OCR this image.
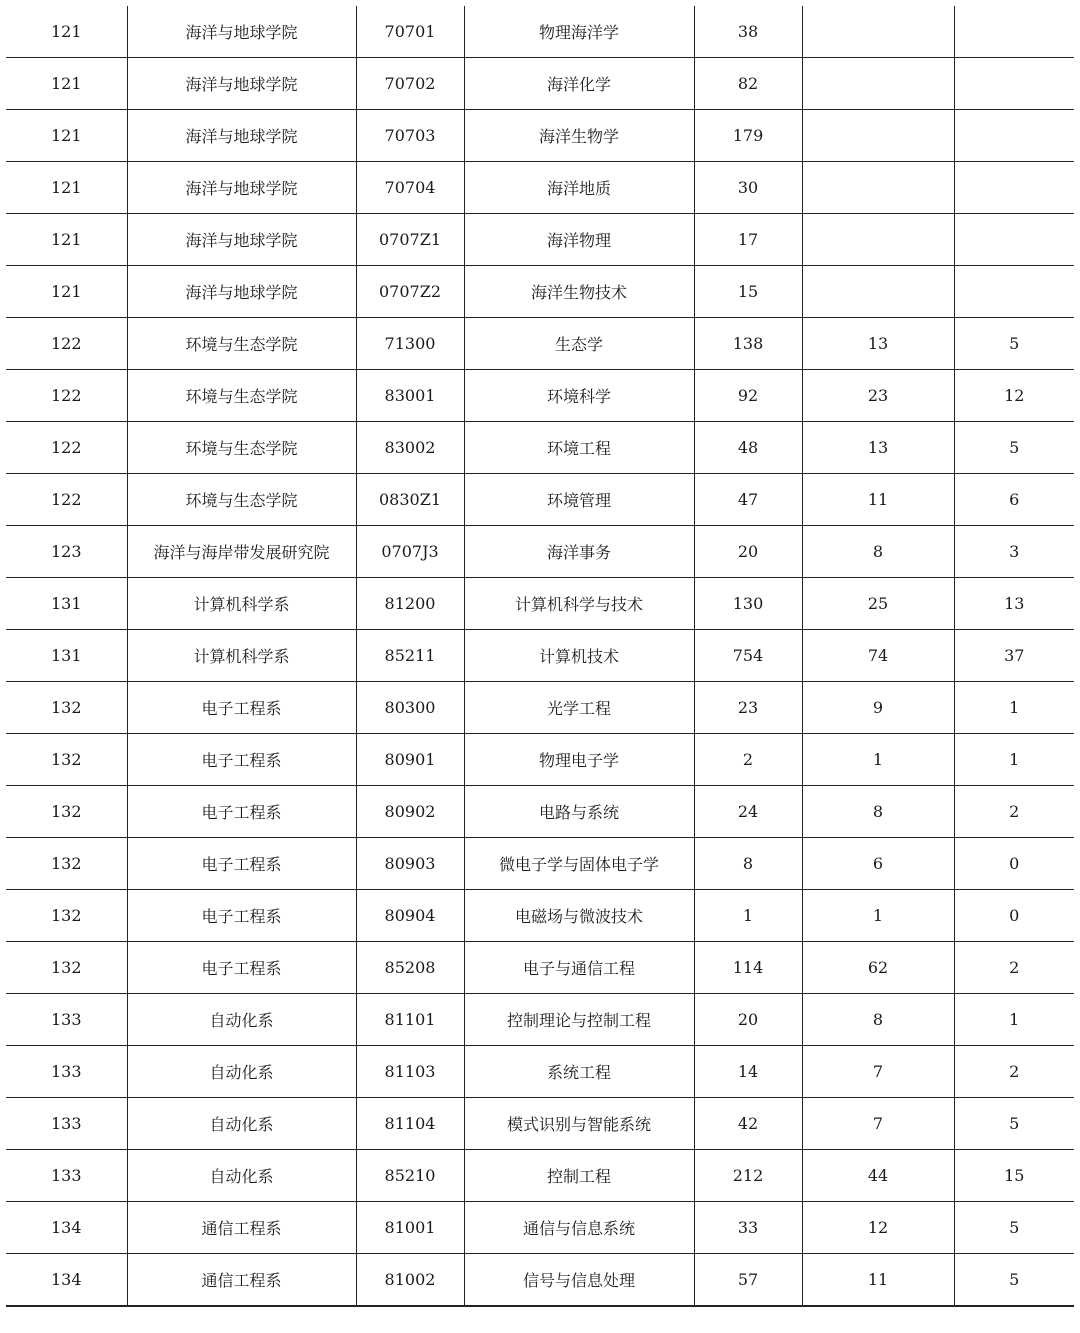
121	海洋与地球学院	70701	物理海洋学	38		
121	海洋与地球学院	70702	海洋化学	82		
121	海洋与地球学院	70703	海洋生物学	179		
121	海洋与地球学院	70704	海洋地质	30		
121	海洋与地球学院	0707Z1	海洋物理	17		
121	海洋与地球学院	0707Z2	海洋生物技术	15		
122	环境与生态学院	71300	生态学	138	13	5
122	环境与生态学院	83001	环境科学	92	23	12
122	环境与生态学院	83002	环境工程	48	13	5
122	环境与生态学院	0830Z1	环境管理	47	11	6
123	海洋与海岸带发展研究院	0707J3	海洋事务	20	8	3
131	计算机科学系	81200	计算机科学与技术	130	25	13
131	计算机科学系	85211	计算机技术	754	74	37
132	电子工程系	80300	光学工程	23	9	1
132	电子工程系	80901	物理电子学	2	1	1
132	电子工程系	80902	电路与系统	24	8	2
132	电子工程系	80903	微电子学与固体电子学	8	6	0
132	电子工程系	80904	电磁场与微波技术	1	1	0
132	电子工程系	85208	电子与通信工程	114	62	2
133	自动化系	81101	控制理论与控制工程	20	8	1
133	自动化系	81103	系统工程	14	7	2
133	自动化系	81104	模式识别与智能系统	42	7	5
133	自动化系	85210	控制工程	212	44	15
134	通信工程系	81001	通信与信息系统	33	12	5
134	通信工程系	81002	信号与信息处理	57	11	5
